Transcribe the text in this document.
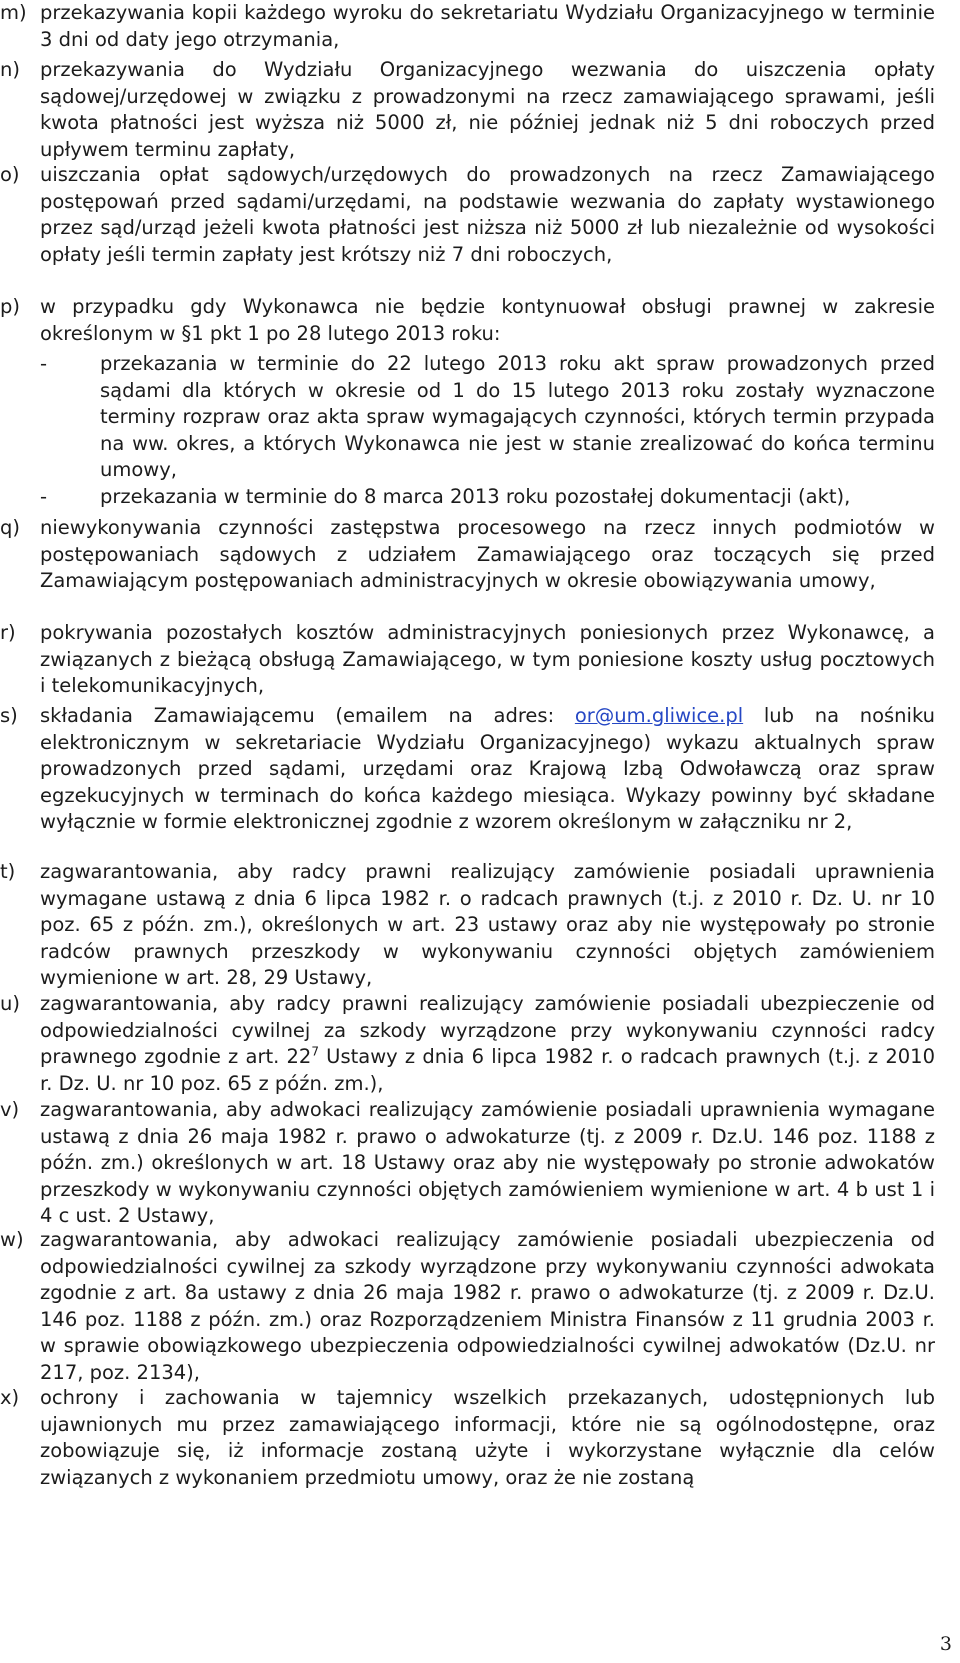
m) przekazywania kopii każdego wyroku do sekretariatu Wydziału Organizacyjnego w terminie 3 dni od daty jego otrzymania,
n) przekazywania do Wydziału Organizacyjnego wezwania do uiszczenia opłaty sądowej/urzędowej w związku z prowadzonymi na rzecz zamawiającego sprawami, jeśli kwota płatności jest wyższa niż 5000 zł, nie później jednak niż 5 dni roboczych przed upływem terminu zapłaty,
o) uiszczania opłat sądowych/urzędowych do prowadzonych na rzecz Zamawiającego postępowań przed sądami/urzędami, na podstawie wezwania do zapłaty wystawionego przez sąd/urząd jeżeli kwota płatności jest niższa niż 5000 zł lub niezależnie od wysokości opłaty jeśli termin zapłaty jest krótszy niż 7 dni roboczych,
p) w przypadku gdy Wykonawca nie będzie kontynuował obsługi prawnej w zakresie określonym w §1 pkt 1 po 28 lutego 2013 roku:
-	przekazania w terminie do 22 lutego 2013 roku akt spraw prowadzonych przed sądami dla których w okresie od 1 do 15 lutego 2013 roku zostały wyznaczone terminy rozpraw oraz akta spraw wymagających czynności, których termin przypada na ww. okres, a których Wykonawca nie jest w stanie zrealizować do końca terminu umowy,
-	przekazania w terminie do 8 marca 2013 roku pozostałej dokumentacji (akt),
q) niewykonywania czynności zastępstwa procesowego na rzecz innych podmiotów w postępowaniach sądowych z udziałem Zamawiającego oraz toczących się przed Zamawiającym postępowaniach administracyjnych w okresie obowiązywania umowy,
r) pokrywania pozostałych kosztów administracyjnych poniesionych przez Wykonawcę, a związanych z bieżącą obsługą Zamawiającego, w tym poniesione koszty usług pocztowych i telekomunikacyjnych,
s) składania Zamawiającemu (emailem na adres: or@um.gliwice.pl lub na nośniku elektronicznym w sekretariacie Wydziału Organizacyjnego) wykazu aktualnych spraw prowadzonych przed sądami, urzędami oraz Krajową Izbą Odwoławczą oraz spraw egzekucyjnych w terminach do końca każdego miesiąca. Wykazy powinny być składane wyłącznie w formie elektronicznej zgodnie z wzorem określonym w załączniku nr 2,
t) zagwarantowania, aby radcy prawni realizujący zamówienie posiadali uprawnienia wymagane ustawą z dnia 6 lipca 1982 r. o radcach prawnych (t.j. z 2010 r. Dz. U. nr 10 poz. 65 z późn. zm.), określonych w art. 23 ustawy oraz aby nie występowały po stronie radców prawnych przeszkody w wykonywaniu czynności objętych zamówieniem wymienione w art. 28, 29 Ustawy,
u) zagwarantowania, aby radcy prawni realizujący zamówienie posiadali ubezpieczenie od odpowiedzialności cywilnej za szkody wyrządzone przy wykonywaniu czynności radcy prawnego zgodnie z art. $22^7$ Ustawy z dnia 6 lipca 1982 r. o radcach prawnych (t.j. z 2010 r. Dz. U. nr 10 poz. 65 z późn. zm.),
v) zagwarantowania, aby adwokaci realizujący zamówienie posiadali uprawnienia wymagane ustawą z dnia 26 maja 1982 r. prawo o adwokaturze (tj. z 2009 r. Dz.U. 146 poz. 1188 z późn. zm.) określonych w art. 18 Ustawy oraz aby nie występowały po stronie adwokatów przeszkody w wykonywaniu czynności objętych zamówieniem wymienione w art. 4 b ust 1 i 4 c ust. 2 Ustawy,
w) zagwarantowania, aby adwokaci realizujący zamówienie posiadali ubezpieczenia od odpowiedzialności cywilnej za szkody wyrządzone przy wykonywaniu czynności adwokata zgodnie z art. 8a ustawy z dnia 26 maja 1982 r. prawo o adwokaturze (tj. z 2009 r. Dz.U. 146 poz. 1188 z późn. zm.) oraz Rozporządzeniem Ministra Finansów z 11 grudnia 2003 r. w sprawie obowiązkowego ubezpieczenia odpowiedzialności cywilnej adwokatów (Dz.U. nr 217, poz. 2134),
x) ochrony i zachowania w tajemnicy wszelkich przekazanych, udostępnionych lub ujawnionych mu przez zamawiającego informacji, które nie są ogólnodostępne, oraz zobowiązuje się, iż informacje zostaną użyte i wykorzystane wyłącznie dla celów związanych z wykonaniem przedmiotu umowy, oraz że nie zostaną
3
